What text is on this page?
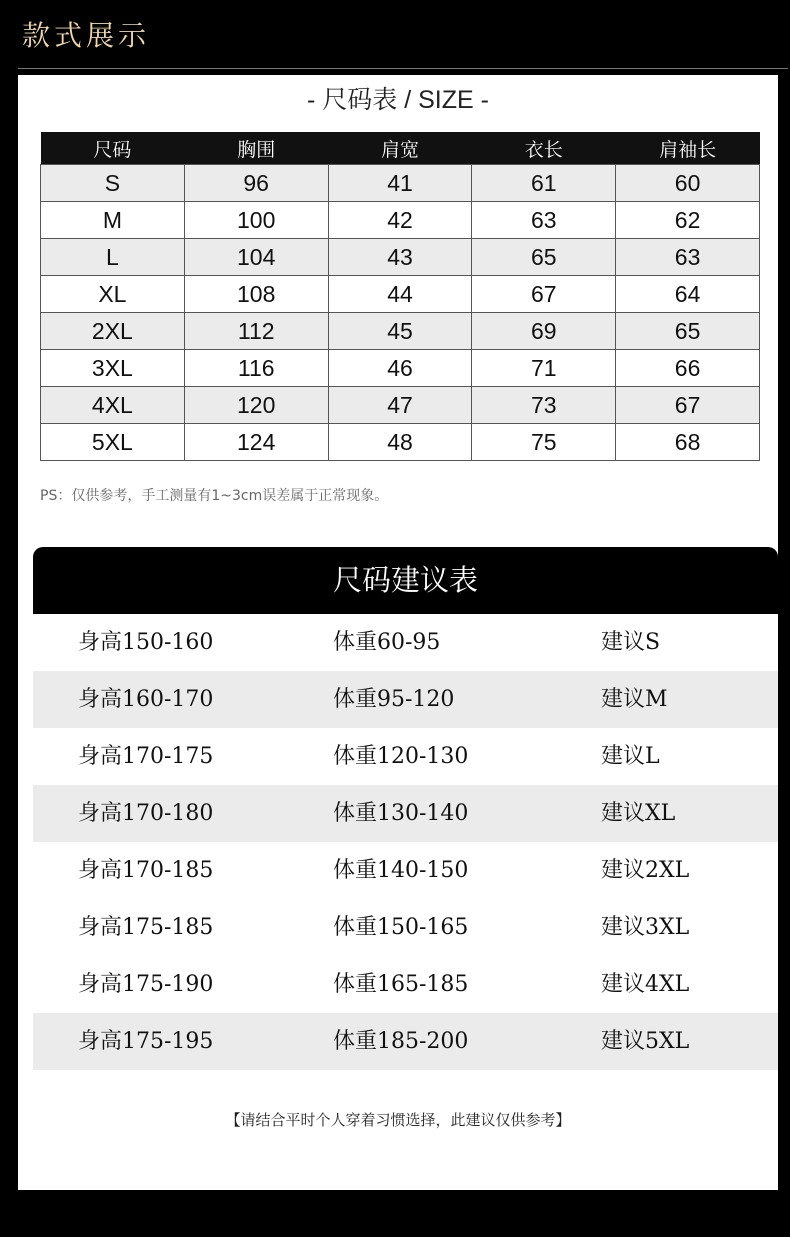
款式展示
- 尺码表 / SIZE -
尺码	胸围	肩宽	衣长	肩袖长
S	96	41	61	60
M	100	42	63	62
L	104	43	65	63
XL	108	44	67	64
2XL	112	45	69	65
3XL	116	46	71	66
4XL	120	47	73	67
5XL	124	48	75	68
PS：仅供参考，手工测量有1~3cm误差属于正常现象。
尺码建议表
身高150-160	体重60-95	建议S
身高160-170	体重95-120	建议M
身高170-175	体重120-130	建议L
身高170-180	体重130-140	建议XL
身高170-185	体重140-150	建议2XL
身高175-185	体重150-165	建议3XL
身高175-190	体重165-185	建议4XL
身高175-195	体重185-200	建议5XL
【请结合平时个人穿着习惯选择，此建议仅供参考】
